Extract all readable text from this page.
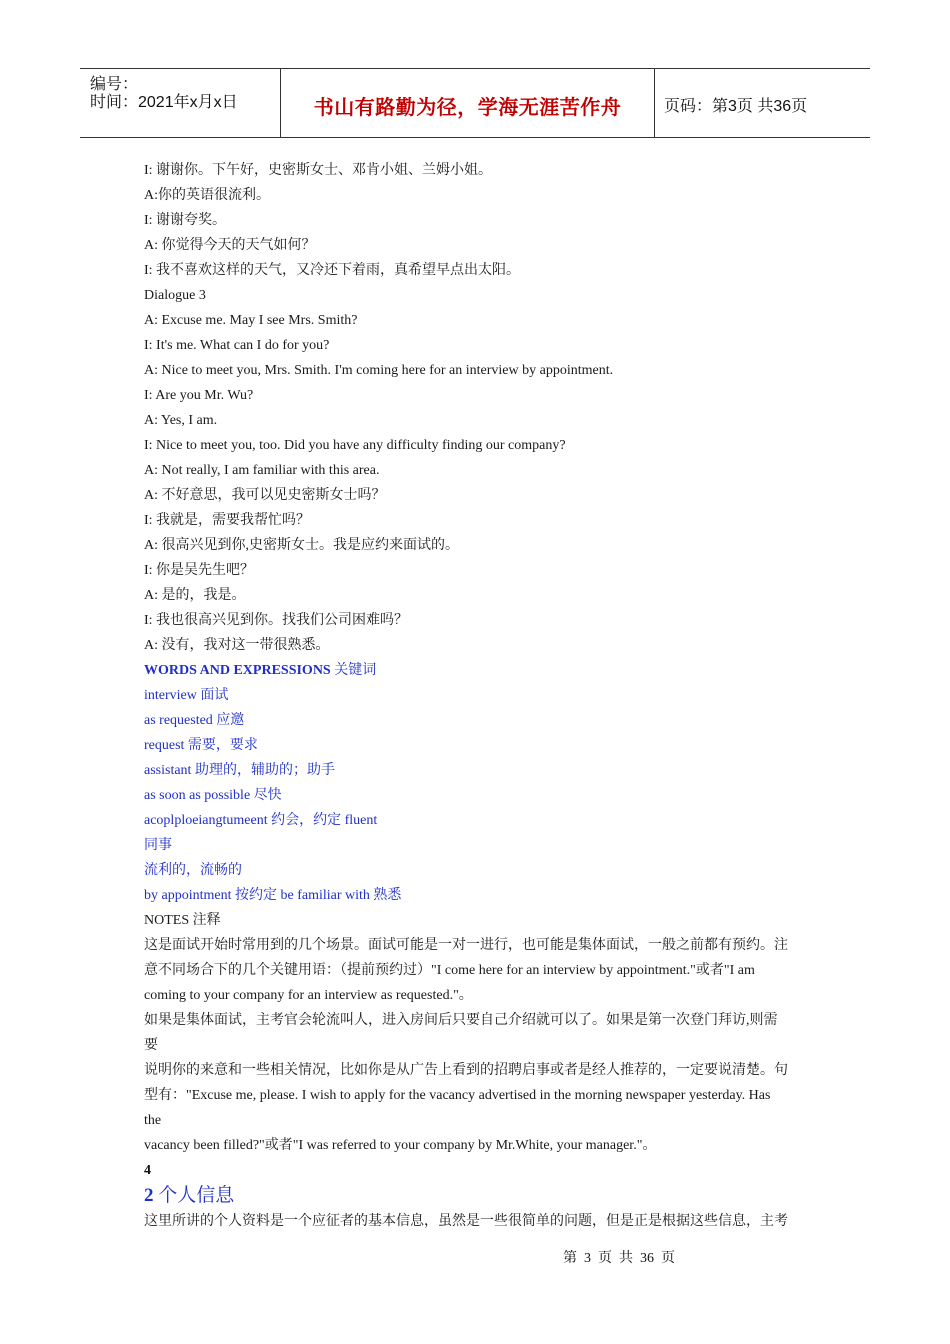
编号：
时间：2021年x月x日	书山有路勤为径，学海无涯苦作舟	页码：第3页 共36页
I: 谢谢你。下午好，史密斯女士、邓肯小姐、兰姆小姐。
A:你的英语很流利。
I: 谢谢夸奖。
A: 你觉得今天的天气如何？
I: 我不喜欢这样的天气，又冷还下着雨，真希望早点出太阳。
Dialogue 3
A: Excuse me. May I see Mrs. Smith?
I: It's me. What can I do for you?
A: Nice to meet you, Mrs. Smith. I'm coming here for an interview by appointment.
I: Are you Mr. Wu?
A: Yes, I am.
I: Nice to meet you, too. Did you have any difficulty finding our company?
A: Not really, I am familiar with this area.
A: 不好意思，我可以见史密斯女士吗？
I: 我就是，需要我帮忙吗？
A: 很高兴见到你,史密斯女士。我是应约来面试的。
I: 你是吴先生吧？
A: 是的，我是。
I: 我也很高兴见到你。找我们公司困难吗？
A: 没有，我对这一带很熟悉。
WORDS AND EXPRESSIONS 关键词
interview 面试
as requested 应邀
request 需要，要求
assistant 助理的，辅助的；助手
as soon as possible 尽快
acoplploeiangtumeent 约会，约定 fluent
同事
流利的，流畅的
by appointment 按约定 be familiar with 熟悉
NOTES 注释
这是面试开始时常用到的几个场景。面试可能是一对一进行，也可能是集体面试，一般之前都有预约。注
意不同场合下的几个关键用语：（提前预约过）"I come here for an interview by appointment."或者"I am
coming to your company for an interview as requested."。
如果是集体面试，主考官会轮流叫人，进入房间后只要自己介绍就可以了。如果是第一次登门拜访,则需
要
说明你的来意和一些相关情况，比如你是从广告上看到的招聘启事或者是经人推荐的，一定要说清楚。句
型有："Excuse me, please. I wish to apply for the vacancy advertised in the morning newspaper yesterday. Has
the
vacancy been filled?"或者"I was referred to your company by Mr.White, your manager."。
4
2 个人信息
这里所讲的个人资料是一个应征者的基本信息，虽然是一些很简单的问题，但是正是根据这些信息，主考
第  3  页  共  36  页
